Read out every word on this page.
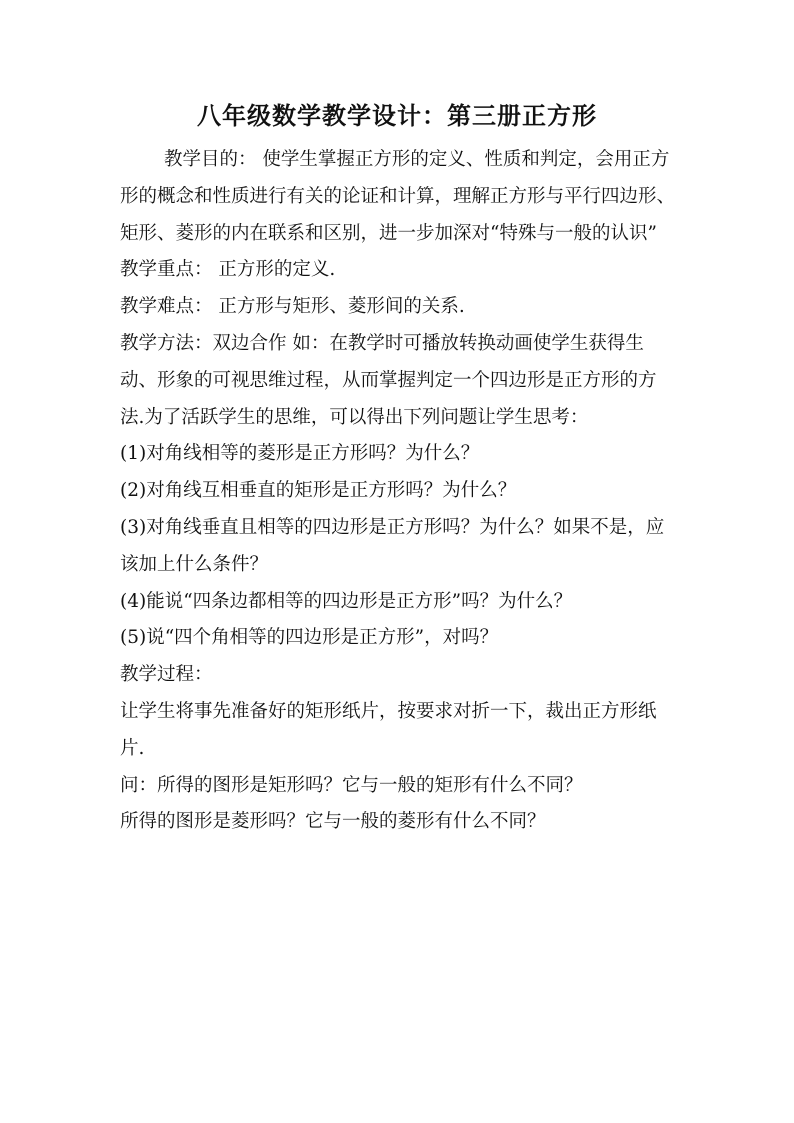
八年级数学教学设计：第三册正方形

教学目的： 使学生掌握正方形的定义、性质和判定，会用正方形的概念和性质进行有关的论证和计算，理解正方形与平行四边形、矩形、菱形的内在联系和区别，进一步加深对“特殊与一般的认识”

教学重点： 正方形的定义.

教学难点： 正方形与矩形、菱形间的关系.

教学方法：双边合作 如：在教学时可播放转换动画使学生获得生动、形象的可视思维过程，从而掌握判定一个四边形是正方形的方法.为了活跃学生的思维，可以得出下列问题让学生思考：

(1)对角线相等的菱形是正方形吗？为什么？

(2)对角线互相垂直的矩形是正方形吗？为什么？

(3)对角线垂直且相等的四边形是正方形吗？为什么？如果不是，应该加上什么条件？

(4)能说“四条边都相等的四边形是正方形”吗？为什么？

(5)说“四个角相等的四边形是正方形”，对吗？

教学过程：

让学生将事先准备好的矩形纸片，按要求对折一下，裁出正方形纸片.

问：所得的图形是矩形吗？它与一般的矩形有什么不同？

所得的图形是菱形吗？它与一般的菱形有什么不同？
